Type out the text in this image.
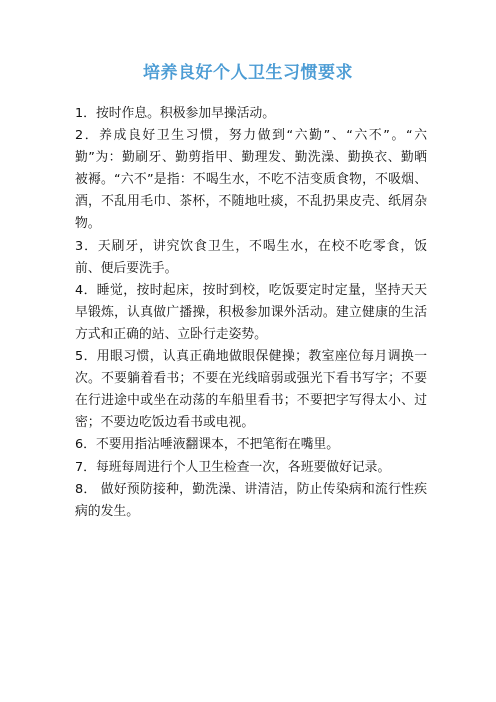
培养良好个人卫生习惯要求
1．按时作息。积极参加早操活动。
2．养成良好卫生习惯，努力做到“六勤”、“六不”。“六勤”为：勤刷牙、勤剪指甲、勤理发、勤洗澡、勤换衣、勤晒被褥。“六不”是指：不喝生水，不吃不洁变质食物，不吸烟、酒，不乱用毛巾、茶杯，不随地吐痰，不乱扔果皮壳、纸屑杂物。
3．天刷牙，讲究饮食卫生，不喝生水，在校不吃零食，饭前、便后要洗手。
4．睡觉，按时起床，按时到校，吃饭要定时定量，坚持天天早锻炼，认真做广播操，积极参加课外活动。建立健康的生活方式和正确的站、立卧行走姿势。
5．用眼习惯，认真正确地做眼保健操；教室座位每月调换一次。不要躺着看书；不要在光线暗弱或强光下看书写字；不要在行进途中或坐在动荡的车船里看书；不要把字写得太小、过密；不要边吃饭边看书或电视。
6．不要用指沾唾液翻课本，不把笔衔在嘴里。
7．每班每周进行个人卫生检查一次，各班要做好记录。
8． 做好预防接种，勤洗澡、讲清洁，防止传染病和流行性疾病的发生。
